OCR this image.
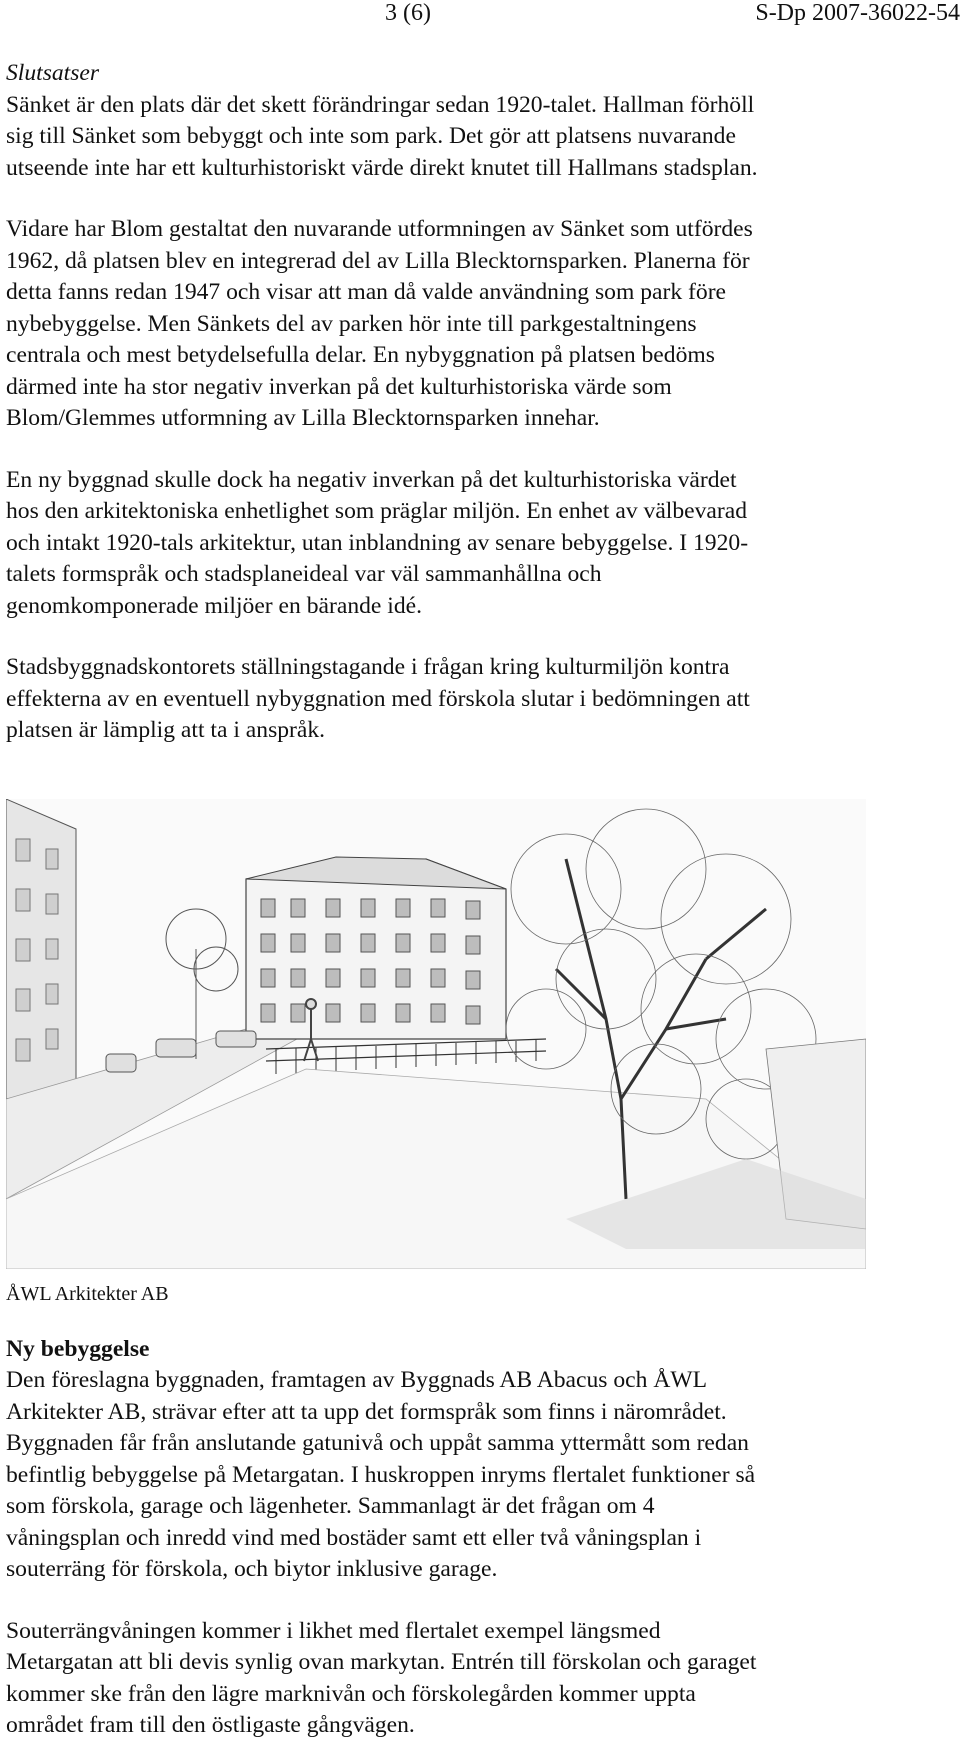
3 (6)	S-Dp 2007-36022-54
Slutsatser
Sänket är den plats där det skett förändringar sedan 1920-talet. Hallman förhöll
sig till Sänket som bebyggt och inte som park. Det gör att platsens nuvarande
utseende inte har ett kulturhistoriskt värde direkt knutet till Hallmans stadsplan.
Vidare har Blom gestaltat den nuvarande utformningen av Sänket som utfördes
1962, då platsen blev en integrerad del av Lilla Blecktornsparken. Planerna för
detta fanns redan 1947 och visar att man då valde användning som park före
nybebyggelse. Men Sänkets del av parken hör inte till parkgestaltningens
centrala och mest betydelsefulla delar. En nybyggnation på platsen bedöms
därmed inte ha stor negativ inverkan på det kulturhistoriska värde som
Blom/Glemmes utformning av Lilla Blecktornsparken innehar.
En ny byggnad skulle dock ha negativ inverkan på det kulturhistoriska värdet
hos den arkitektoniska enhetlighet som präglar miljön. En enhet av välbevarad
och intakt 1920-tals arkitektur, utan inblandning av senare bebyggelse. I 1920-
talets formspråk och stadsplaneideal var väl sammanhållna och
genomkomponerade miljöer en bärande idé.
Stadsbyggnadskontorets ställningstagande i frågan kring kulturmiljön kontra
effekterna av en eventuell nybyggnation med förskola slutar i bedömningen att
platsen är lämplig att ta i anspråk.
ÅWL Arkitekter AB
Ny bebyggelse
Den föreslagna byggnaden, framtagen av Byggnads AB Abacus och ÅWL
Arkitekter AB, strävar efter att ta upp det formspråk som finns i närområdet.
Byggnaden får från anslutande gatunivå och uppåt samma yttermått som redan
befintlig bebyggelse på Metargatan. I huskroppen inryms flertalet funktioner så
som förskola, garage och lägenheter. Sammanlagt är det frågan om 4
våningsplan och inredd vind med bostäder samt ett eller två våningsplan i
souterräng för förskola, och biytor inklusive garage.
Souterrängvåningen kommer i likhet med flertalet exempel längsmed
Metargatan att bli devis synlig ovan markytan. Entrén till förskolan och garaget
kommer ske från den lägre marknivån och förskolegården kommer uppta
området fram till den östligaste gångvägen.
